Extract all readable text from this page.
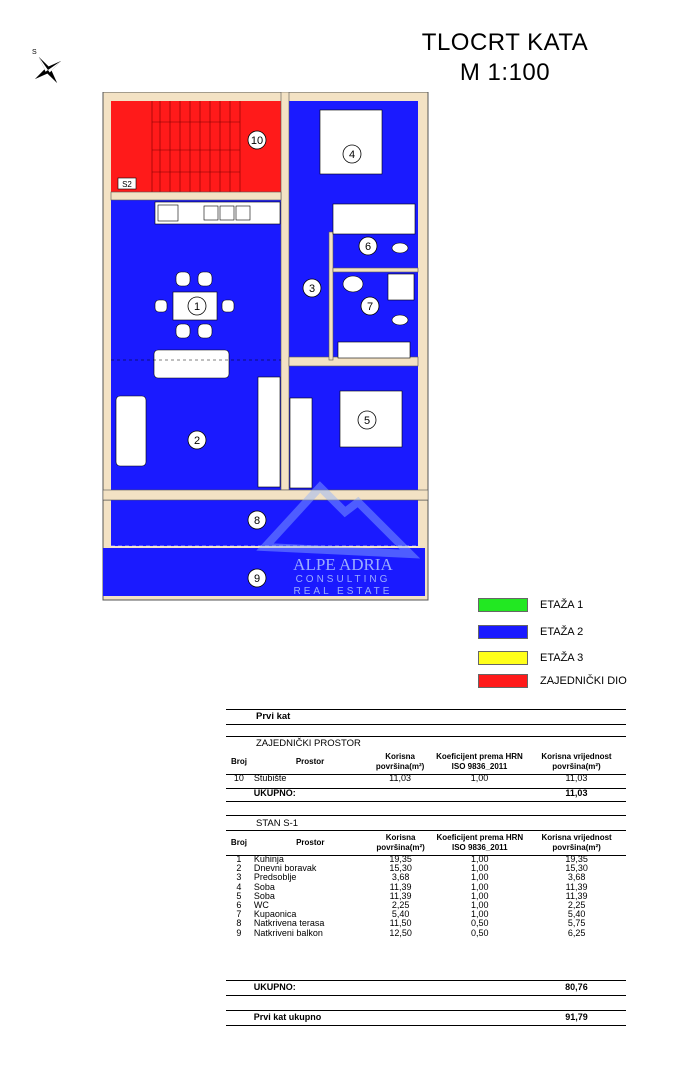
TLOCRT KATA
M 1:100
S
S2
ALPE ADRIA
CONSULTING
REAL ESTATE
10
1
2
3
4
5
6
7
8
9
ETAŽA 1
ETAŽA 2
ETAŽA 3
ZAJEDNIČKI DIO
Prvi kat
ZAJEDNIČKI PROSTOR
Broj	Prostor	Korisna površina(m²)	Koeficijent prema HRN ISO 9836_2011	Korisna vrijednost površina(m²)
10	Stubište	11,03	1,00	11,03
	UKUPNO:			11,03
STAN S-1
Broj	Prostor	Korisna površina(m²)	Koeficijent prema HRN ISO 9836_2011	Korisna vrijednost površina(m²)
1	Kuhinja	19,35	1,00	19,35
2	Dnevni boravak	15,30	1,00	15,30
3	Predsoblje	3,68	1,00	3,68
4	Soba	11,39	1,00	11,39
5	Soba	11,39	1,00	11,39
6	WC	2,25	1,00	2,25
7	Kupaonica	5,40	1,00	5,40
8	Natkrivena terasa	11,50	0,50	5,75
9	Natkriveni balkon	12,50	0,50	6,25
	UKUPNO:			80,76
	Prvi kat ukupno			91,79
